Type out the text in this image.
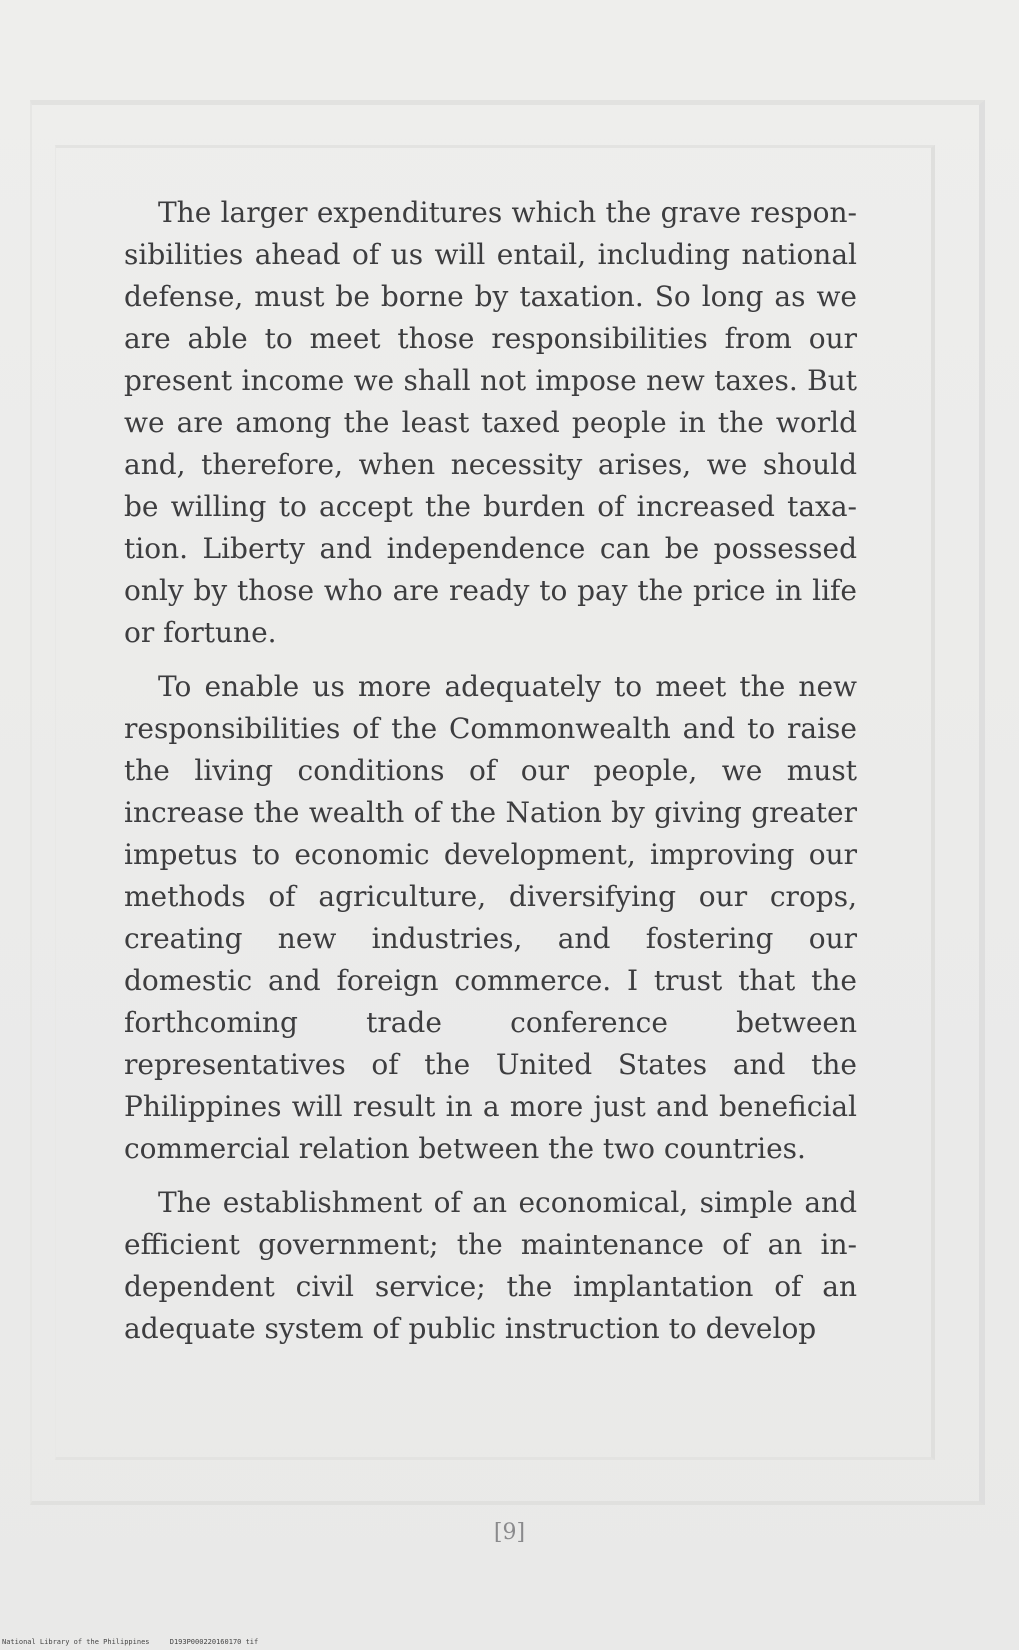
The larger expenditures which the grave responsibilities ahead of us will entail, including national defense, must be borne by taxation. So long as we are able to meet those responsibilities from our present income we shall not impose new taxes. But we are among the least taxed people in the world and, therefore, when necessity arises, we should be willing to accept the burden of increased taxation. Liberty and independence can be possessed only by those who are ready to pay the price in life or fortune.

To enable us more adequately to meet the new responsibilities of the Commonwealth and to raise the living conditions of our people, we must increase the wealth of the Nation by giving greater impetus to economic development, improving our methods of agriculture, diversifying our crops, creating new industries, and fostering our domestic and foreign commerce. I trust that the forthcoming trade conference between representatives of the United States and the Philippines will result in a more just and beneficial commercial relation between the two countries.

The establishment of an economical, simple and efficient government; the maintenance of an independent civil service; the implantation of an adequate system of public instruction to develop

[9]
National Library of the Philippines	D193P000220160170 tif
